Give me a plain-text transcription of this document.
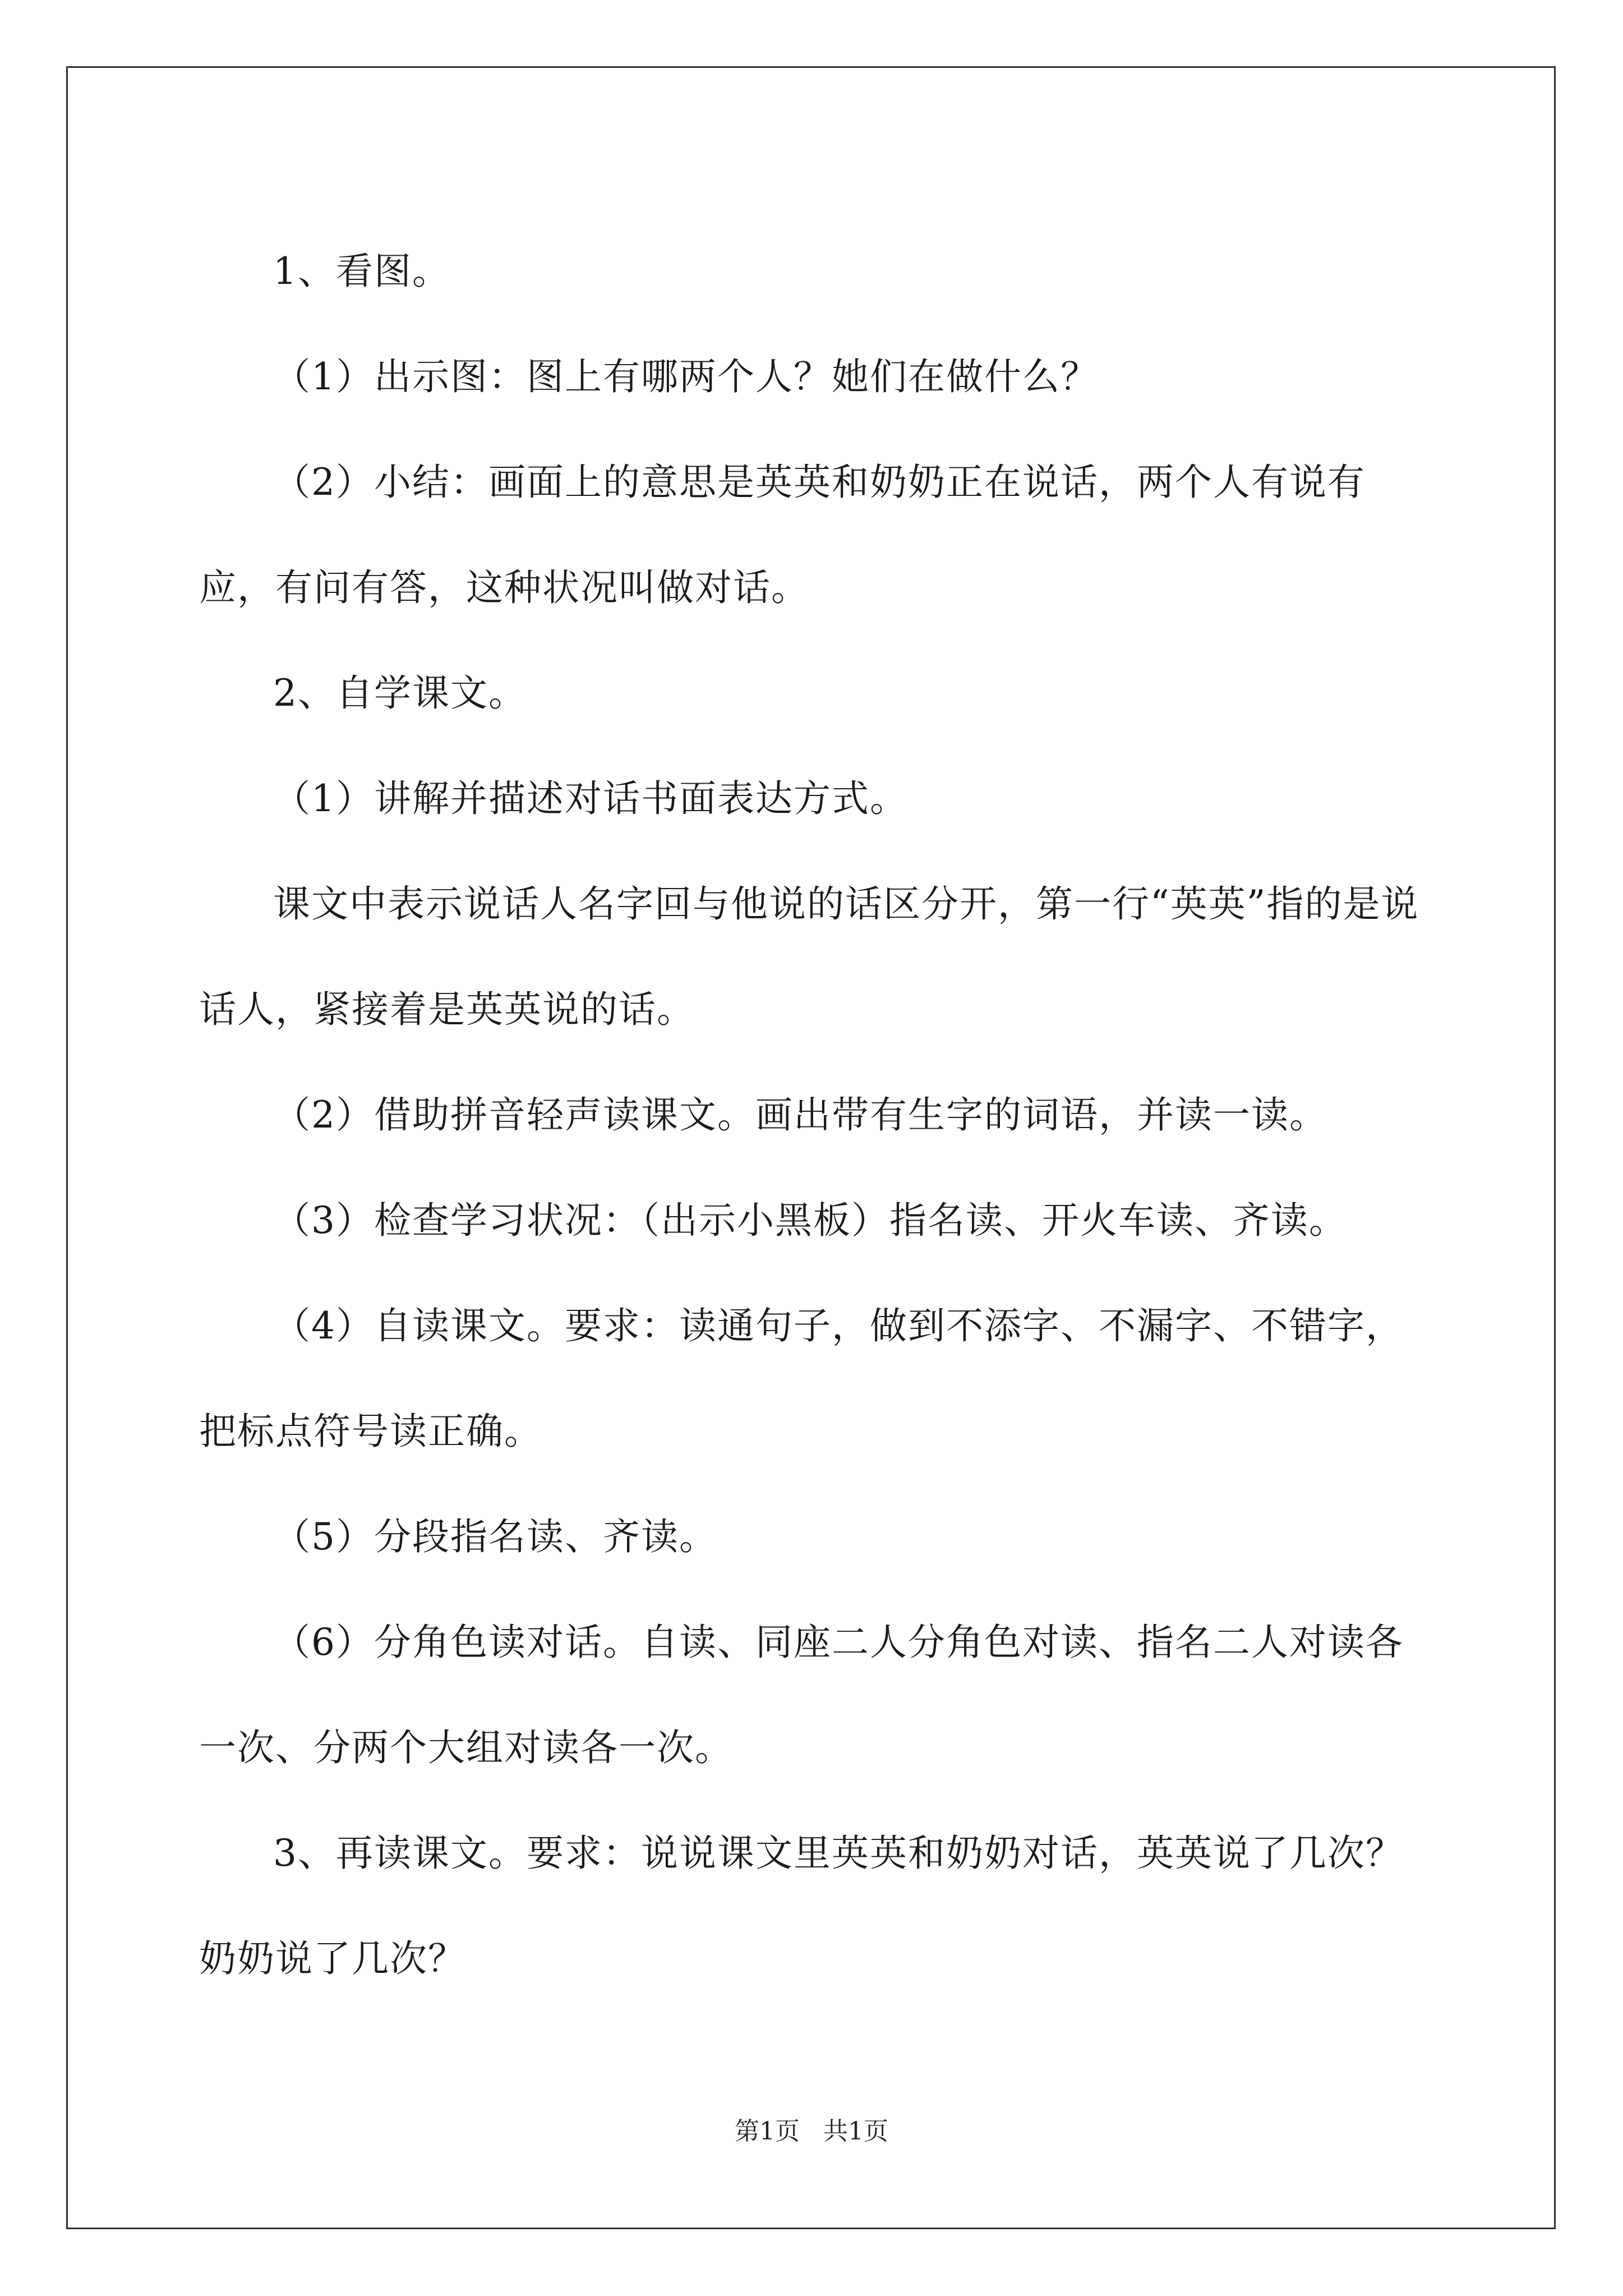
1、看图。

（1）出示图：图上有哪两个人？她们在做什么？

（2）小结：画面上的意思是英英和奶奶正在说话，两个人有说有应，有问有答，这种状况叫做对话。

2、自学课文。

（1）讲解并描述对话书面表达方式。

课文中表示说话人名字回与他说的话区分开，第一行“英英”指的是说话人，紧接着是英英说的话。

（2）借助拼音轻声读课文。画出带有生字的词语，并读一读。

（3）检查学习状况：（出示小黑板）指名读、开火车读、齐读。

（4）自读课文。要求：读通句子，做到不添字、不漏字、不错字，把标点符号读正确。

（5）分段指名读、齐读。

（6）分角色读对话。自读、同座二人分角色对读、指名二人对读各一次、分两个大组对读各一次。

3、再读课文。要求：说说课文里英英和奶奶对话，英英说了几次？奶奶说了几次？

第1页   共1页
